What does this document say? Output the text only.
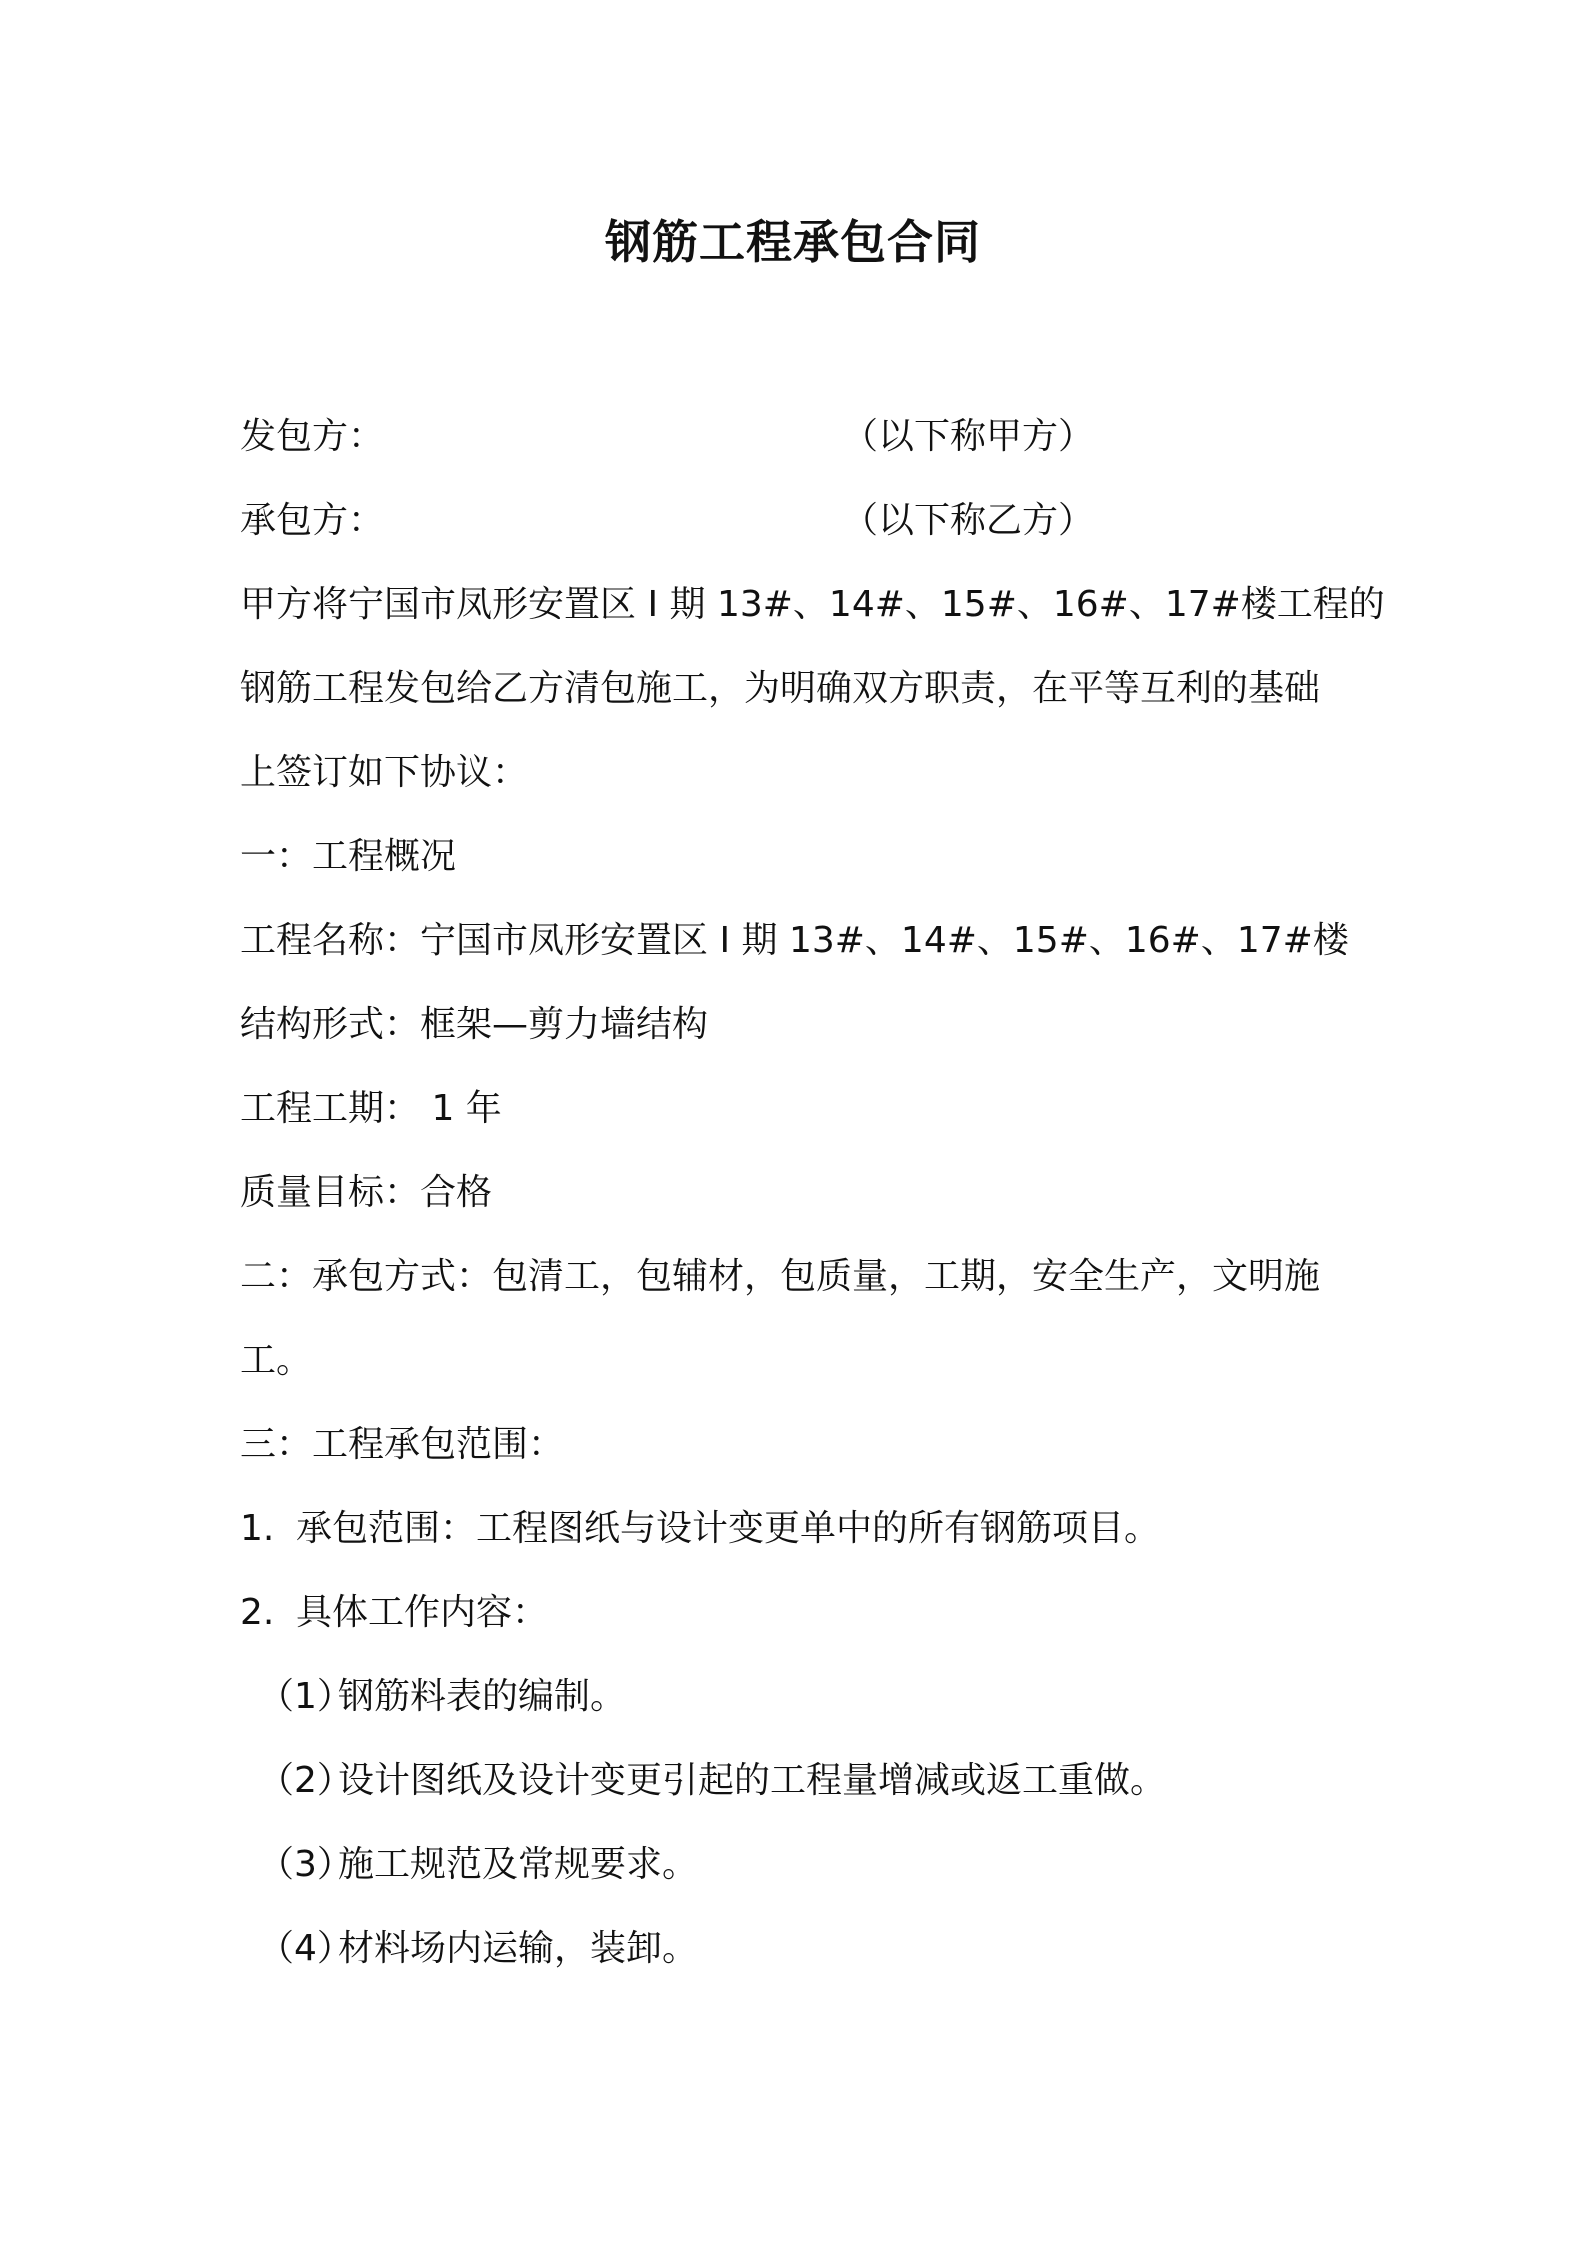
钢筋工程承包合同
发包方：	（以下称甲方）
承包方：	（以下称乙方）
甲方将宁国市凤形安置区 I 期 13#、14#、15#、16#、17#楼工程的
钢筋工程发包给乙方清包施工，为明确双方职责，在平等互利的基础
上签订如下协议：
一：工程概况
工程名称：宁国市凤形安置区 I 期 13#、14#、15#、16#、17#楼
结构形式：框架—剪力墙结构
工程工期： 1 年
质量目标：合格
二：承包方式：包清工，包辅材，包质量，工期，安全生产，文明施
工。
三：工程承包范围：
1. 承包范围：工程图纸与设计变更单中的所有钢筋项目。
2. 具体工作内容：
（1）钢筋料表的编制。
（2）设计图纸及设计变更引起的工程量增减或返工重做。
（3）施工规范及常规要求。
（4）材料场内运输，装卸。
